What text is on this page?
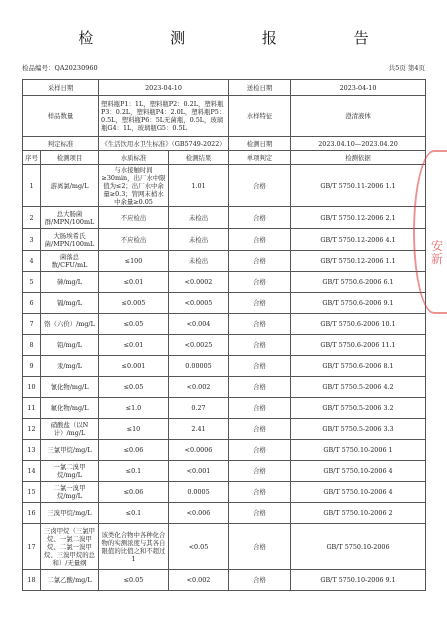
检 测 报 告
检品编号：QA20230960	共5页 第4页
采样日期		2023-04-10		送检日期	2023-04-10
样品数量		塑料瓶P1：1L，塑料瓶P2：0.2L，塑料瓶P3：0.2L，塑料瓶P4：2.0L，塑料瓶P5：0.5L，塑料瓶P6：5L无菌瓶，0.5L，玻璃瓶G4：1L，玻璃瓶G5：0.5L		水样特征	澄清液体
判定标准		《生活饮用水卫生标准》（GB5749-2022）		检测日期	2023.04.10—2023.04.20
序号	检测项目	水质标准	检测结果	单项判定	检测依据
1	游离氯/mg/L	与水接触时间≥30min，出厂水中限值为≤2；出厂水中余量≥0.3；管网末梢水中余量≥0.05	1.01	合格	GB/T 5750.11-2006 1.1
2	总大肠菌群/MPN/100mL	不应检出	未检出	合格	GB/T 5750.12-2006 2.1
3	大肠埃希氏菌/MPN/100mL	不应检出	未检出	合格	GB/T 5750.12-2006 4.1
4	菌落总数/CFU/mL	≤100	未检出	合格	GB/T 5750.12-2006 1.1
5	砷/mg/L	≤0.01	<0.0002	合格	GB/T 5750.6-2006 6.1
6	镉/mg/L	≤0.005	<0.0005	合格	GB/T 5750.6-2006 9.1
7	铬（六价）/mg/L	≤0.05	<0.004	合格	GB/T 5750.6-2006 10.1
8	铅/mg/L	≤0.01	<0.0025	合格	GB/T 5750.6-2006 11.1
9	汞/mg/L	≤0.001	0.00005	合格	GB/T 5750.6-2006 8.1
10	氰化物/mg/L	≤0.05	<0.002	合格	GB/T 5750.5-2006 4.2
11	氟化物/mg/L	≤1.0	0.27	合格	GB/T 5750.5-2006 3.2
12	硝酸盐（以N计）/mg/L	≤10	2.41	合格	GB/T 5750.5-2006 3.3
13	三氯甲烷/mg/L	≤0.06	<0.0006	合格	GB/T 5750.10-2006 1
14	一氯二溴甲烷/mg/L	≤0.1	<0.001	合格	GB/T 5750.10-2006 4
15	二氯一溴甲烷/mg/L	≤0.06	0.0005	合格	GB/T 5750.10-2006 4
16	三溴甲烷/mg/L	≤0.1	<0.006	合格	GB/T 5750.10-2006 2
17	三卤甲烷（三氯甲烷、一氯二溴甲烷、二氯一溴甲烷、三溴甲烷的总和）/无量纲	该类化合物中各种化合物的实测浓度与其各自限值的比值之和不超过1	<0.05	合格	GB/T 5750.10-2006
18	二氯乙酸/mg/L	≤0.05	<0.002	合格	GB/T 5750.10-2006 9.1
安 新
